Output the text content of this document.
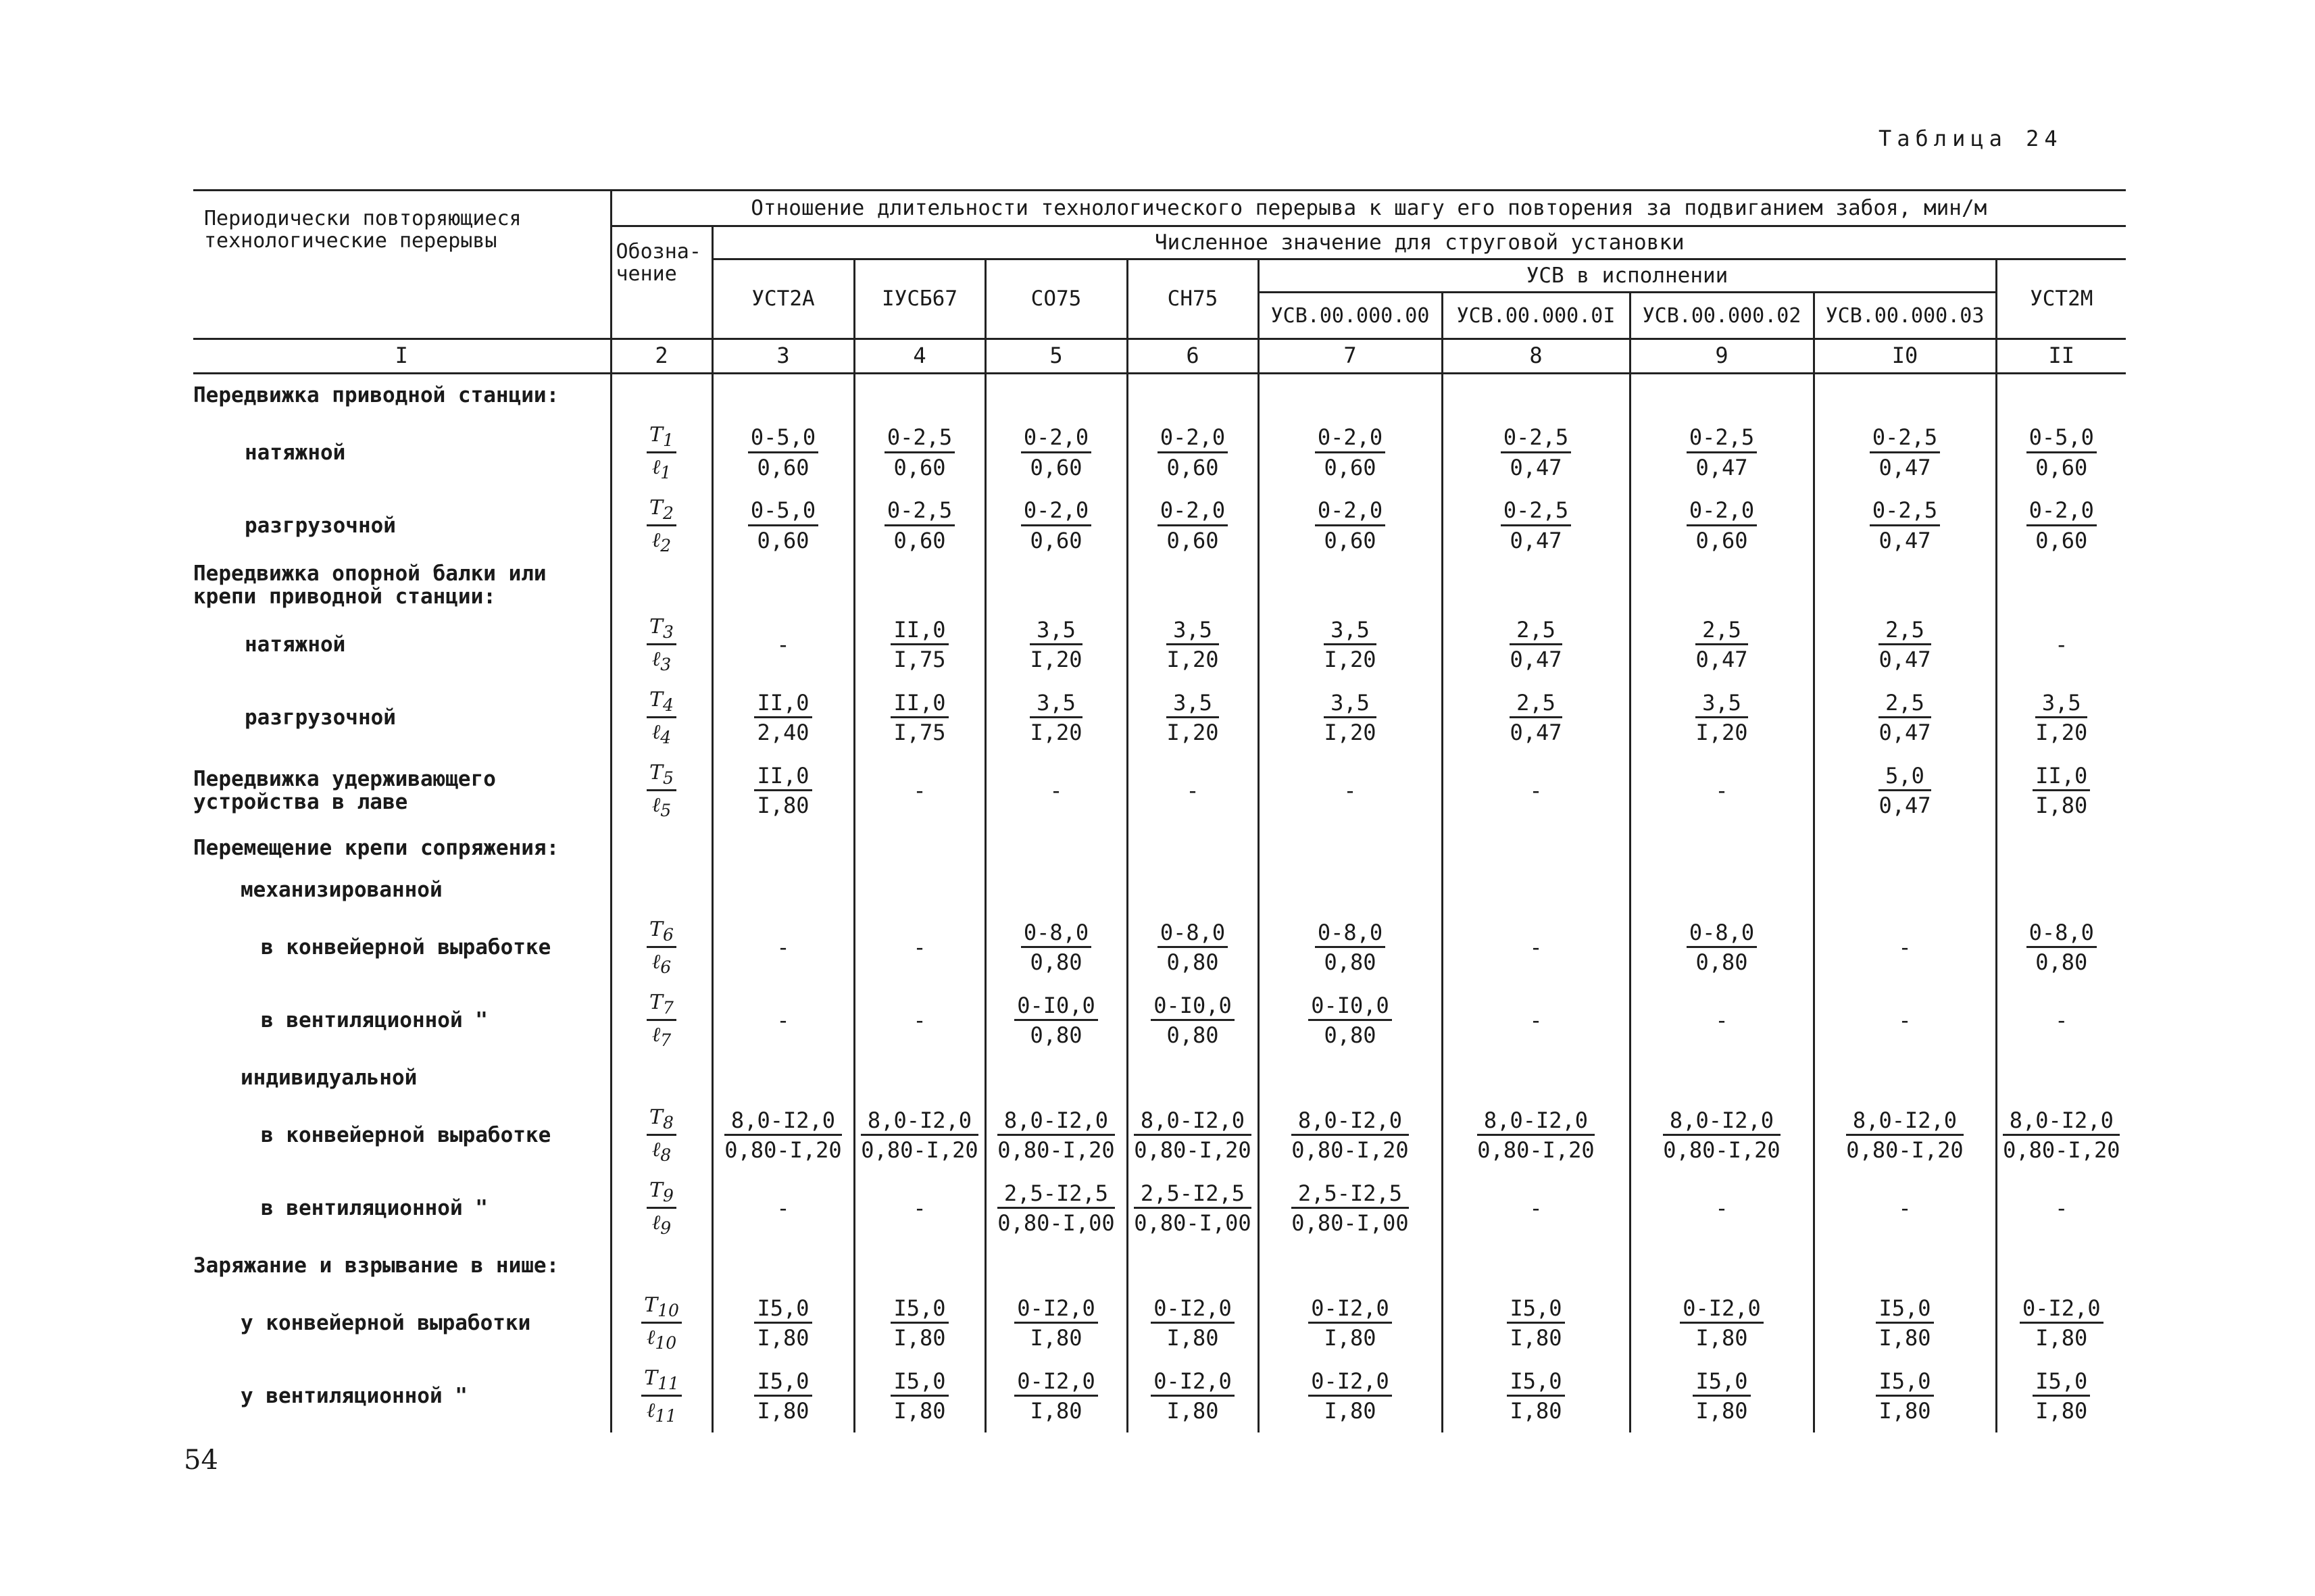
Таблица 24
Периодически повторяющиеся технологические перерывы	Отношение длительности технологического перерыва к шагу его повторения за подвиганием забоя, мин/м									
	Обозна- чение	Численное значение для струговой установки								
		УСТ2А	IУСБ67	СО75	СН75	УСВ в исполнении				УСТ2М
						УСВ.00.000.00	УСВ.00.000.0I	УСВ.00.000.02	УСВ.00.000.03	
I	2	3	4	5	6	7	8	9	I0	II
Передвижка приводной станции:										
натяжной	$\frac{T_1}{\ell_1}$	$\frac{0-5,0}{0,60}$	$\frac{0-2,5}{0,60}$	$\frac{0-2,0}{0,60}$	$\frac{0-2,0}{0,60}$	$\frac{0-2,0}{0,60}$	$\frac{0-2,5}{0,47}$	$\frac{0-2,5}{0,47}$	$\frac{0-2,5}{0,47}$	$\frac{0-5,0}{0,60}$

разгрузочной	$\frac{T_2}{\ell_2}$	$\frac{0-5,0}{0,60}$	$\frac{0-2,5}{0,60}$	$\frac{0-2,0}{0,60}$	$\frac{0-2,0}{0,60}$	$\frac{0-2,0}{0,60}$	$\frac{0-2,5}{0,47}$	$\frac{0-2,0}{0,60}$	$\frac{0-2,5}{0,47}$	$\frac{0-2,0}{0,60}$

Передвижка опорной балки или крепи приводной станции:										
натяжной	$\frac{T_3}{\ell_3}$	-	$\frac{II,0}{I,75}$	$\frac{3,5}{I,20}$	$\frac{3,5}{I,20}$	$\frac{3,5}{I,20}$	$\frac{2,5}{0,47}$	$\frac{2,5}{0,47}$	$\frac{2,5}{0,47}$	-
разгрузочной	$\frac{T_4}{\ell_4}$	$\frac{II,0}{2,40}$	$\frac{II,0}{I,75}$	$\frac{3,5}{I,20}$	$\frac{3,5}{I,20}$	$\frac{3,5}{I,20}$	$\frac{2,5}{0,47}$	$\frac{3,5}{I,20}$	$\frac{2,5}{0,47}$	$\frac{3,5}{I,20}$

Передвижка удерживающего устройства в лаве	$\frac{T_5}{\ell_5}$	$\frac{II,0}{I,80}$	-	-	-	-	-	-	$\frac{5,0}{0,47}$	$\frac{II,0}{I,80}$

Перемещение крепи сопряжения:										
механизированной										
в конвейерной выработке	$\frac{T_6}{\ell_6}$	-	-	$\frac{0-8,0}{0,80}$	$\frac{0-8,0}{0,80}$	$\frac{0-8,0}{0,80}$	-	$\frac{0-8,0}{0,80}$	-	$\frac{0-8,0}{0,80}$

в вентиляционной "	$\frac{T_7}{\ell_7}$	-	-	$\frac{0-I0,0}{0,80}$	$\frac{0-I0,0}{0,80}$	$\frac{0-I0,0}{0,80}$	-	-	-	-
индивидуальной										
в конвейерной выработке	$\frac{T_8}{\ell_8}$	$\frac{8,0-I2,0}{0,80-I,20}$	$\frac{8,0-I2,0}{0,80-I,20}$	$\frac{8,0-I2,0}{0,80-I,20}$	$\frac{8,0-I2,0}{0,80-I,20}$	$\frac{8,0-I2,0}{0,80-I,20}$	$\frac{8,0-I2,0}{0,80-I,20}$	$\frac{8,0-I2,0}{0,80-I,20}$	$\frac{8,0-I2,0}{0,80-I,20}$	$\frac{8,0-I2,0}{0,80-I,20}$

в вентиляционной "	$\frac{T_9}{\ell_9}$	-	-	$\frac{2,5-I2,5}{0,80-I,00}$	$\frac{2,5-I2,5}{0,80-I,00}$	$\frac{2,5-I2,5}{0,80-I,00}$	-	-	-	-
Заряжание и взрывание в нише:										
у конвейерной выработки	$\frac{T_{10}}{\ell_{10}}$	$\frac{I5,0}{I,80}$	$\frac{I5,0}{I,80}$	$\frac{0-I2,0}{I,80}$	$\frac{0-I2,0}{I,80}$	$\frac{0-I2,0}{I,80}$	$\frac{I5,0}{I,80}$	$\frac{0-I2,0}{I,80}$	$\frac{I5,0}{I,80}$	$\frac{0-I2,0}{I,80}$

у вентиляционной "	$\frac{T_{11}}{\ell_{11}}$	$\frac{I5,0}{I,80}$	$\frac{I5,0}{I,80}$	$\frac{0-I2,0}{I,80}$	$\frac{0-I2,0}{I,80}$	$\frac{0-I2,0}{I,80}$	$\frac{I5,0}{I,80}$	$\frac{I5,0}{I,80}$	$\frac{I5,0}{I,80}$	$\frac{I5,0}{I,80}$
54
